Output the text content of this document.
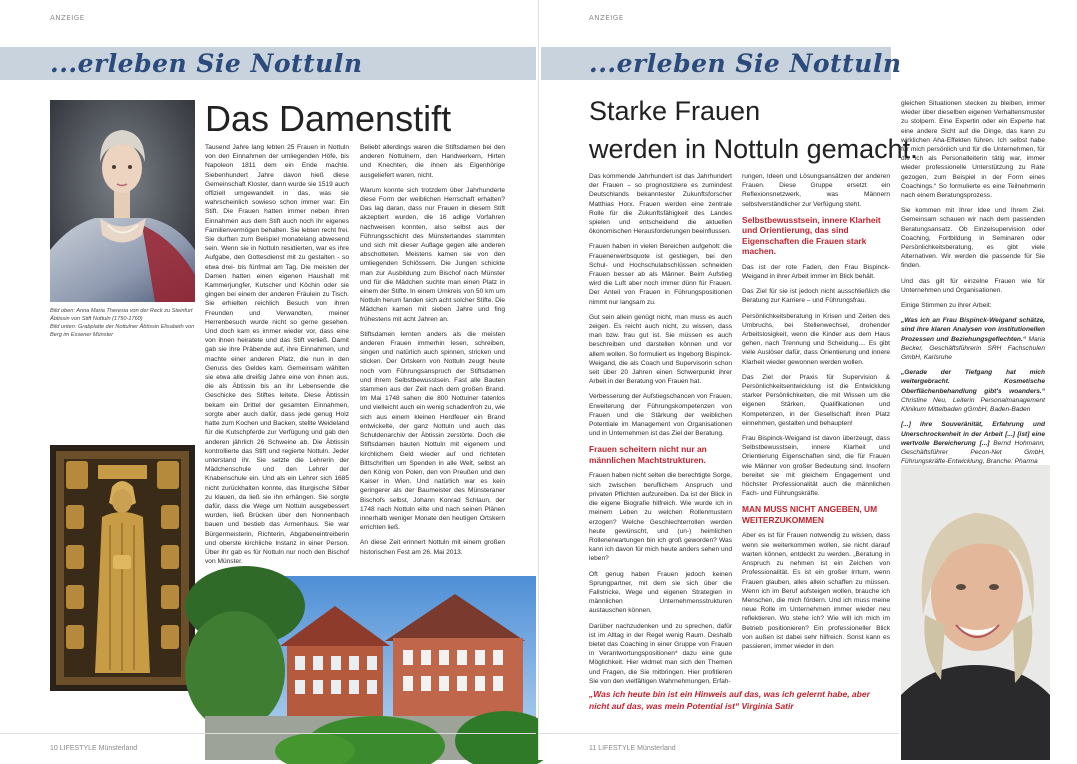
ANZEIGE
...erleben Sie Nottuln
Bild oben: Anna Maria Theresia von der Reck zu Steinfurt Äbtissin von Stift Nottuln (1750-1760)
Bild unten: Grabplatte der Nottulner Äbtissin Elisabeth von Berg im Essener Münster
Das Damenstift

Tausend Jahre lang lebten 25 Frauen in Nottuln von den Einnahmen der umliegenden Höfe, bis Napoleon 1811 dem ein Ende machte. Siebenhundert Jahre davon hieß diese Gemeinschaft Kloster, dann wurde sie 1519 auch offiziell umgewandelt in das, was sie wahrscheinlich sowieso schon immer war: Ein Stift. Die Frauen hatten immer neben ihren Einnahmen aus dem Stift auch noch ihr eigenes Familienvermögen behalten. Sie lebten recht frei. Sie durften zum Beispiel monatelang abwesend sein. Wenn sie in Nottuln residierten, war es ihre Aufgabe, den Gottesdienst mit zu gestalten - so etwa drei- bis fünfmal am Tag. Die meisten der Damen hatten einen eigenen Haushalt mit Kammerjungfer, Kutscher und Köchin oder sie gingen bei einem der anderen Fräulein zu Tisch. Sie erhielten reichlich Besuch von ihren Freunden und Verwandten, meiner Herrenbesuch wurde nicht so gerne gesehen. Und doch kam es immer wieder vor, dass eine von ihnen heiratete und das Stift verließ. Damit gab sie ihre Präbende auf, ihre Einnahmen, und machte einer anderen Platz, die nun in den Genuss des Geldes kam. Gemeinsam wählten sie etwa alle dreißig Jahre eine von ihnen aus, die als Äbtissin bis an ihr Lebensende die Geschicke des Stiftes leitete. Diese Äbtissin bekam ein Drittel der gesamten Einnahmen, sorgte aber auch dafür, dass jede genug Holz hatte zum Kochen und Backen, stellte Weideland für die Kutschpferde zur Verfügung und gab den anderen jährlich 26 Schweine ab. Die Äbtissin kontrollierte das Stift und regierte Nottuln. Jeder unterstand ihr. Sie setzte die Lehrerin der Mädchenschule und den Lehrer der Knabenschule ein. Und als ein Lehrer sich 1685 nicht zurückhalten konnte, das liturgische Silber zu klauen, da ließ sie ihn erhängen. Sie sorgte dafür, dass die Wege um Nottuln ausgebessert wurden, ließ Brücken über den Nonnenbach bauen und bestieb das Armenhaus. Sie war Bürgermeisterin, Richterin, Abgabeneintreiberin und oberste kirchliche Instanz in einer Person. Über ihr gab es für Nottuln nur noch den Bischof von Münster.

Beliebt allerdings waren die Stiftsdamen bei den anderen Nottulnern, den Handwerkern, Hirten und Knechten, die ihnen als Eigenhörige ausgeliefert waren, nicht.

Warum konnte sich trotzdem über Jahrhunderte diese Form der weiblichen Herrschaft erhalten? Das lag daran, dass nur Frauen in diesem Stift akzeptiert wurden, die 16 adlige Vorfahren nachweisen konnten, also selbst aus der Führungsschicht des Münsterlandes stammten und sich mit dieser Auflage gegen alle anderen abschotteten. Meistens kamen sie von den umliegenden Schlössern. Die Jungen schickte man zur Ausbildung zum Bischof nach Münster und für die Mädchen suchte man einen Platz in einem der Stifte. In einem Umkreis von 50 km um Nottuln herum fanden sich acht solcher Stifte. Die Mädchen kamen mit sieben Jahre und fing frühestens mit acht Jahren an.

Stiftsdamen lernten anders als die meisten anderen Frauen immerhin lesen, schreiben, singen und natürlich auch spinnen, stricken und sticken. Der Ortskern von Nottuln zeugt heute noch vom Führungsanspruch der Stiftsdamen und ihrem Selbstbewusstsein. Fast alle Bauten stammen aus der Zeit nach dem großen Brand. Im Mai 1748 sahen die 800 Nottulner tatenlos und vielleicht auch ein wenig schadenfroh zu, wie sich aus einem kleinen Herdfeuer ein Brand entwickelte, der ganz Nottuln und auch das Schuldenarchiv der Äbtissin zerstörte. Doch die Stiftsdamen bauten Nottuln mit eigenem und kirchlichem Geld wieder auf und richteten Bittschriften um Spenden in alle Welt, selbst an den König von Polen, den von Preußen und den Kaiser in Wien. Und natürlich war es kein geringerer als der Baumeister des Münsteraner Bischofs selbst, Johann Konrad Schlaun, der 1748 nach Nottuln eilte und nach seinen Plänen innerhalb weniger Monate den heutigen Ortskern errichten ließ.

An diese Zeit erinnert Nottuln mit einem großen historischen Fest am 26. Mai 2013.

10 LIFESTYLE Münsterland
ANZEIGE
...erleben Sie Nottuln
Starke Frauen
werden in Nottuln gemacht.

Das kommende Jahrhundert ist das Jahrhundert der Frauen – so prognostiziere es zumindest Deutschlands bekanntester Zukunftsforscher Matthias Horx. Frauen werden eine zentrale Rolle für die Zukunftsfähigkeit des Landes spielen und entscheidend die aktuellen ökonomischen Herausforderungen beeinflussen.

Frauen haben in vielen Bereichen aufgeholt: die Frauenerwerbsquote ist gestiegen, bei den Schul- und Hochschulabschlüssen schneiden Frauen besser ab als Männer. Beim Aufstieg wird die Luft aber noch immer dünn für Frauen. Der Anteil von Frauen in Führungspositionen nimmt nur langsam zu.

Gut sein allein genügt nicht, man muss es auch zeigen. Es reicht auch nicht, zu wissen, dass man bzw. frau gut ist. Sie müssen es auch beschreiben und darstellen können und vor allem wollen. So formuliert es Ingeborg Bispinck-Weigand, die als Coach und Supervisorin schon seit über 20 Jahren einen Schwerpunkt ihrer Arbeit in der Beratung von Frauen hat.

Verbesserung der Aufstiegschancen von Frauen, Erweiterung der Führungskompetenzen von Frauen und die Stärkung der weiblichen Potentiale im Management von Organisationen und in Unternehmen ist das Ziel der Beratung.

Frauen scheitern nicht nur an männlichen Machtstrukturen.

Frauen haben nicht selten die berechtigte Sorge, sich zwischen beruflichem Anspruch und privaten Pflichten aufzureiben. Da ist der Blick in die eigene Biografie hilfreich. Wie wurde ich in meinem Leben zu welchen Rollenmustern erzogen? Welche Geschlechterrollen werden heute gewünscht, und (un-) heimlichen Rollenerwartungen bin ich groß geworden? Was kann ich davon für mich heute anders sehen und leben?

Oft genug haben Frauen jedoch keinen Sprungpartner, mit dem sie sich über die Fallstricke, Wege und eigenen Strategien in männlichen Unternehmensstrukturen austauschen können.

Darüber nachzudenken und zu sprechen, dafür ist im Alltag in der Regel wenig Raum. Deshalb bietet das Coaching in einer Gruppe von Frauen in Verantwortungspositionen* dazu eine gute Möglichkeit. Hier widmet man sich den Themen und Fragen, die Sie mitbringen. Hier profitieren Sie von den vielfältigen Wahrnehmungen, Erfah-

rungen, Ideen und Lösungsansätzen der anderen Frauen. Diese Gruppe ersetzt ein Reflexionsnetzwerk, was Männern selbstverständlicher zur Verfügung steht.

Selbstbewusstsein, innere Klarheit und Orientierung, das sind Eigenschaften die Frauen stark machen.

Das ist der rote Faden, den Frau Bispinck-Weigand in ihrer Arbeit immer im Blick behält.

Das Ziel für sie ist jedoch nicht ausschließlich die Beratung zur Karriere – und Führungsfrau.

Persönlichkeitsberatung in Krisen und Zeiten des Umbruchs, bei Stellenwechsel, drohender Arbeitslosigkeit, wenn die Kinder aus dem Haus gehen, nach Trennung und Scheidung.... Es gibt viele Auslöser dafür, dass Orientierung und innere Klarheit wieder gewonnen werden wollen.

Das Ziel der Praxis für Supervision & Persönlichkeitsentwicklung ist die Entwicklung starker Persönlichkeiten, die mit Wissen um die eigenen Stärken, Qualifikationen und Kompetenzen, in der Gesellschaft ihren Platz einnehmen, gestalten und behaupten!

Frau Bispinck-Weigand ist davon überzeugt, dass Selbstbewusstsein, innere Klarheit und Orientierung Eigenschaften sind, die für Frauen wie Männer von großer Bedeutung sind. Insofern bereitet sie mit gleichem Engagement und höchster Professionalität auch die männlichen Fach- und Führungskräfte.

MAN MUSS NICHT ANGEBEN, UM WEITERZUKOMMEN

Aber es ist für Frauen notwendig zu wissen, dass wenn sie weiterkommen wollen, sie nicht darauf warten können, entdeckt zu werden. „Beratung in Anspruch zu nehmen ist ein Zeichen von Professionalität. Es ist ein großer Irrtum, wenn Frauen glauben, alles allein schaffen zu müssen. Wenn ich im Beruf aufsteigen wollen, brauche ich Menschen, die mich fördern. Und ich muss meine neue Rolle im Unternehmen immer wieder neu reflektieren. Wo stehe ich? Wie will ich mich im Betrieb positionieren? Ein professioneller Blick von außen ist dabei sehr hilfreich. Sonst kann es passieren, immer wieder in den

gleichen Situationen stecken zu bleiben, immer wieder über dieselben eigenen Verhaltensmuster zu stolpern. Eine Expertin oder ein Experte hat eine andere Sicht auf die Dinge, das kann zu wirklichen Aha-Effekten führen. Ich selbst habe für mich persönlich und für die Unternehmen, für die ich als Personalleiterin tätig war, immer wieder professionelle Unterstützung zu Rate gezogen, zum Beispiel in der Form eines Coachings.“ So formulierte es eine Teilnehmerin nach einem Beratungsprozess.

Sie kommen mit Ihrer Idee und Ihrem Ziel. Gemeinsam schauen wir nach dem passenden Beratungsansatz. Ob Einzelsupervision oder Coaching, Fortbildung in Seminaren oder Persönlichkeitsberatung, es gibt viele Alternativen. Wir werden die passende für Sie finden.

Und das gilt für einzelne Frauen wie für Unternehmen und Organisationen.

Einige Stimmen zu ihrer Arbeit:

„Was ich an Frau Bispinck-Weigand schätze, sind ihre klaren Analysen von institutionellen Prozessen und Beziehungsgeflechten.“ Maria Becker, Geschäftsführerin SRH Fachschulen GmbH, Karlsruhe

„Gerade der Tiefgang hat mich weitergebracht. Kosmetische Oberflächenbehandlung gibt's woanders.“ Christine Neu, Leiterin Personalmanagement Klinikum Mittelbaden gGmbH, Baden-Baden

[...] ihre Souveränität, Erfahrung und Unerschrockenheit in der Arbeit [...] [ist] eine wertvolle Bereicherung [...] Bernd Hohmann, Geschäftsführer Pecon-Net GmbH, Führungskräfte-Entwicklung, Branche: Pharma

„Was ich heute bin ist ein Hinweis auf das, was ich gelernt habe, aber nicht auf das, was mein Potential ist“ Virginia Satir
11 LIFESTYLE Münsterland
